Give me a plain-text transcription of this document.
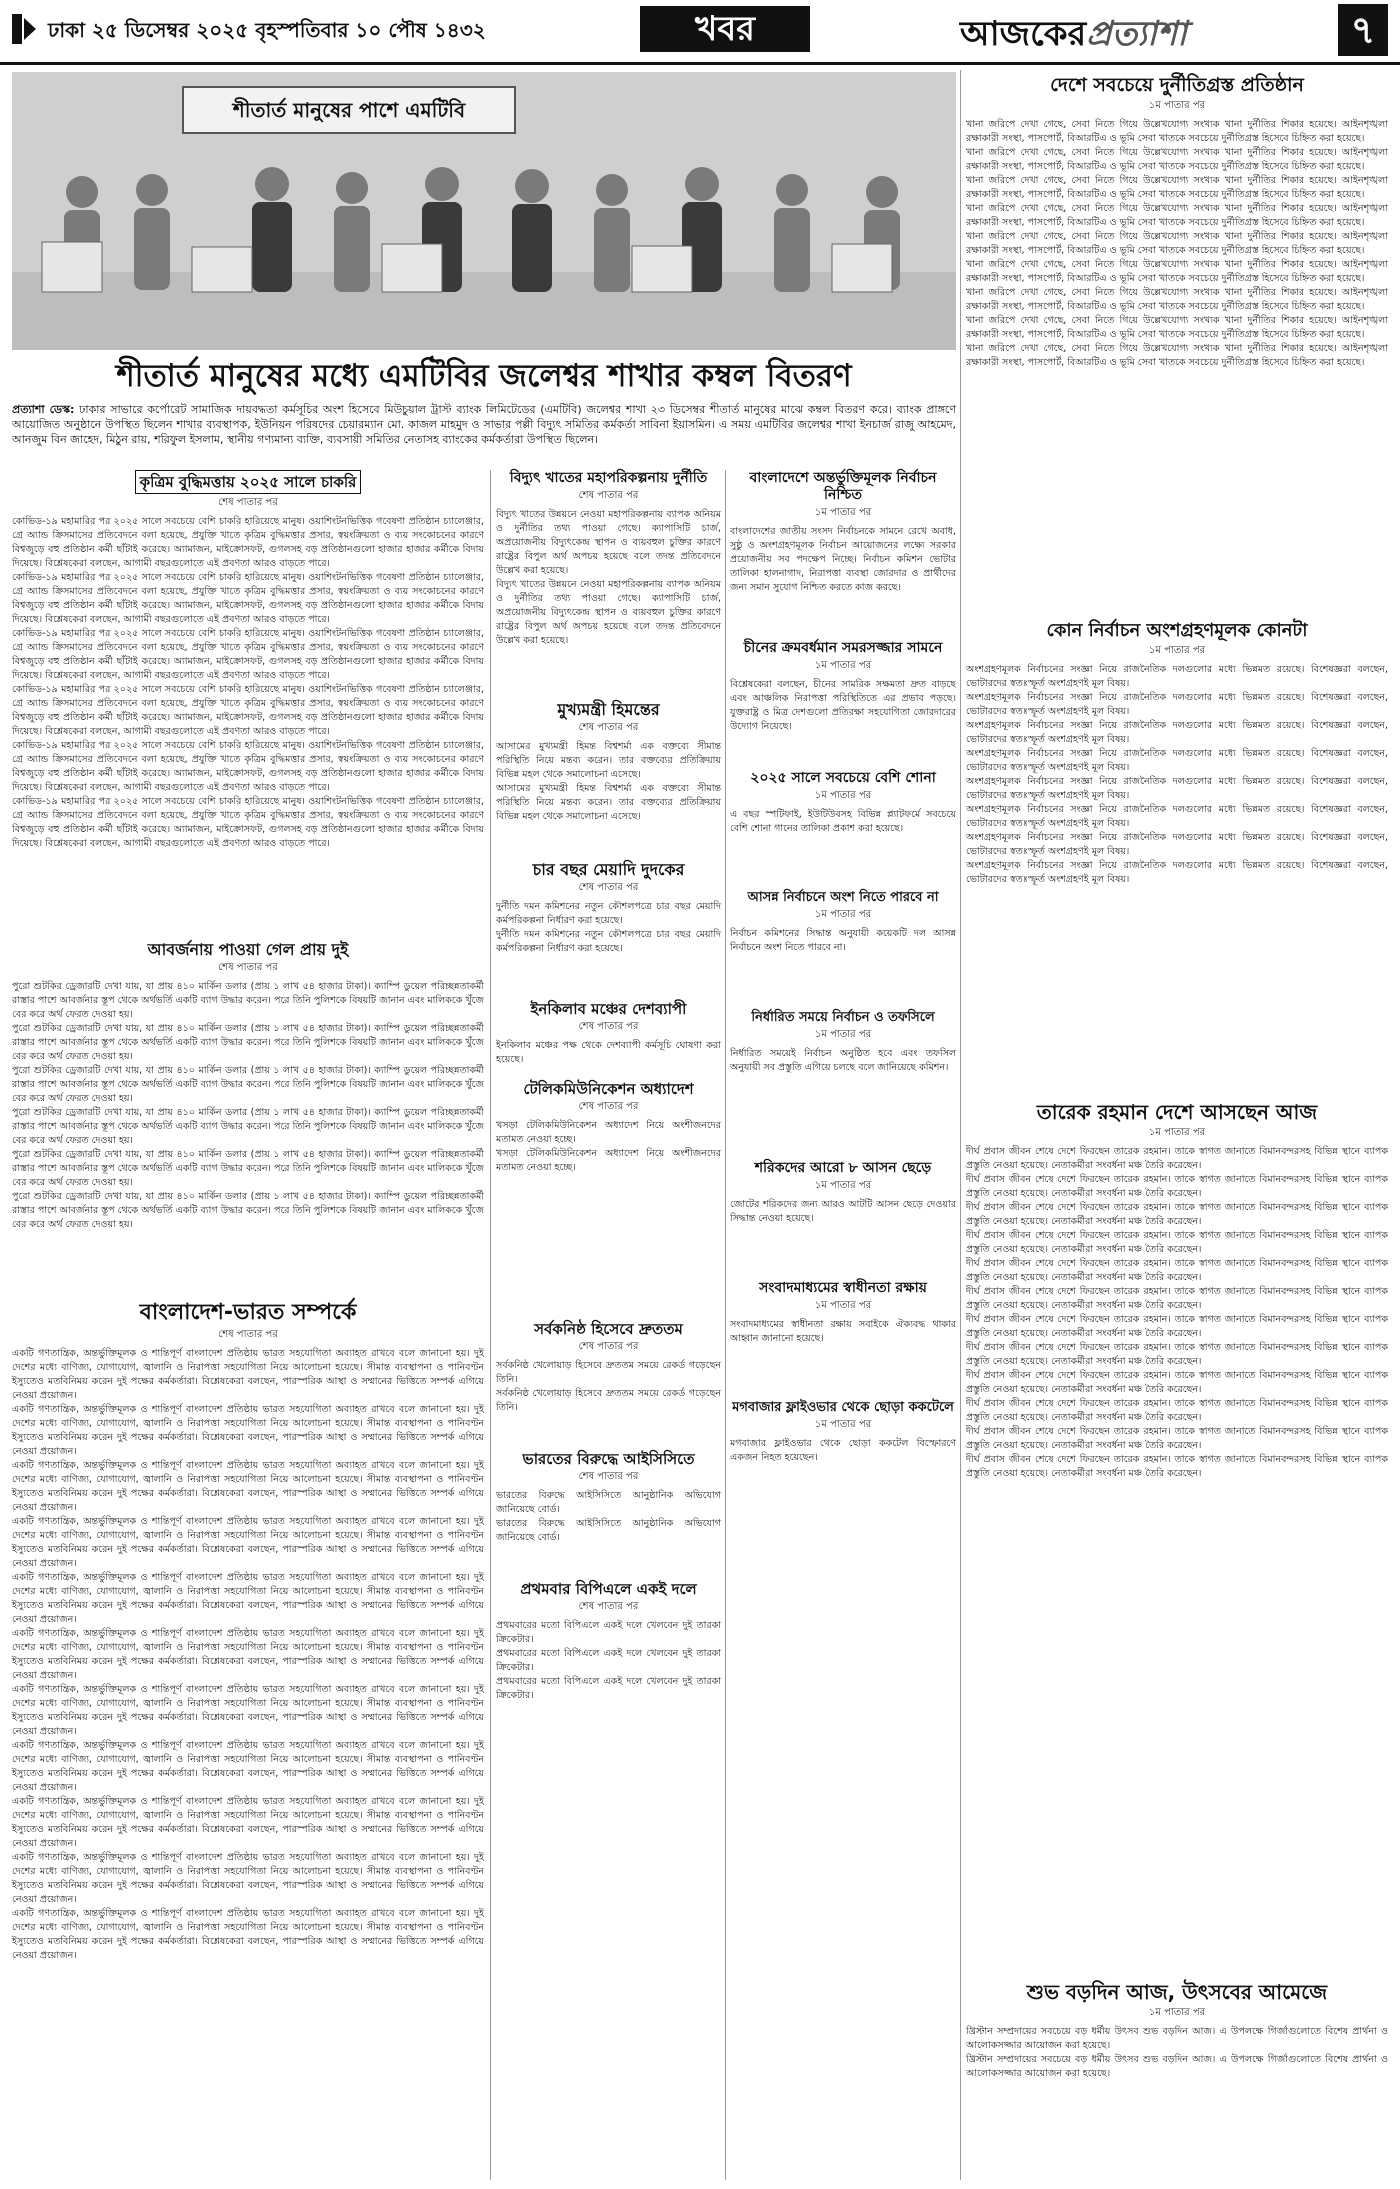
ঢাকা ২৫ ডিসেম্বর ২০২৫ বৃহস্পতিবার ১০ পৌষ ১৪৩২	খবর	আজকেরপ্রত্যাশা	৭
শীতার্ত মানুষের পাশে এমটিবি
শীতার্ত মানুষের মধ্যে এমটিবির জলেশ্বর শাখার কম্বল বিতরণ
প্রত্যাশা ডেস্ক: ঢাকার সাভারে কর্পোরেট সামাজিক দায়বদ্ধতা কর্মসূচির অংশ হিসেবে মিউচুয়াল ট্রাস্ট ব্যাংক লিমিটেডের (এমটিবি) জলেশ্বর শাখা ২৩ ডিসেম্বর শীতার্ত মানুষের মাঝে কম্বল বিতরণ করে। ব্যাংক প্রাঙ্গণে আয়োজিত অনুষ্ঠানে উপস্থিত ছিলেন শাখার ব্যবস্থাপক, ইউনিয়ন পরিষদের চেয়ারম্যান মো. কাজল মাহমুদ ও সাভার পল্লী বিদ্যুৎ সমিতির কর্মকর্তা সাবিনা ইয়াসমিন। এ সময় এমটিবির জলেশ্বর শাখা ইনচার্জ রাজু আহমেদ, আনজুম বিন জাহেদ, মিঠুন রায়, শরিফুল ইসলাম, স্থানীয় গণ্যমান্য ব্যক্তি, ব্যবসায়ী সমিতির নেতাসহ ব্যাংকের কর্মকর্তারা উপস্থিত ছিলেন।
কৃত্রিম বুদ্ধিমত্তায় ২০২৫ সালে চাকরি
শেষ পাতার পর

কোভিড-১৯ মহামারির পর ২০২৫ সালে সবচেয়ে বেশি চাকরি হারিয়েছে মানুষ। ওয়াশিংটনভিত্তিক গবেষণা প্রতিষ্ঠান চ্যালেঞ্জার, গ্রে অ্যান্ড ক্রিসমাসের প্রতিবেদনে বলা হয়েছে, প্রযুক্তি খাতে কৃত্রিম বুদ্ধিমত্তার প্রসার, স্বয়ংক্রিয়তা ও ব্যয় সংকোচনের কারণে বিশ্বজুড়ে বহু প্রতিষ্ঠান কর্মী ছাঁটাই করেছে। অ্যামাজন, মাইক্রোসফট, গুগলসহ বড় প্রতিষ্ঠানগুলো হাজার হাজার কর্মীকে বিদায় দিয়েছে। বিশ্লেষকেরা বলছেন, আগামী বছরগুলোতে এই প্রবণতা আরও বাড়তে পারে।

কোভিড-১৯ মহামারির পর ২০২৫ সালে সবচেয়ে বেশি চাকরি হারিয়েছে মানুষ। ওয়াশিংটনভিত্তিক গবেষণা প্রতিষ্ঠান চ্যালেঞ্জার, গ্রে অ্যান্ড ক্রিসমাসের প্রতিবেদনে বলা হয়েছে, প্রযুক্তি খাতে কৃত্রিম বুদ্ধিমত্তার প্রসার, স্বয়ংক্রিয়তা ও ব্যয় সংকোচনের কারণে বিশ্বজুড়ে বহু প্রতিষ্ঠান কর্মী ছাঁটাই করেছে। অ্যামাজন, মাইক্রোসফট, গুগলসহ বড় প্রতিষ্ঠানগুলো হাজার হাজার কর্মীকে বিদায় দিয়েছে। বিশ্লেষকেরা বলছেন, আগামী বছরগুলোতে এই প্রবণতা আরও বাড়তে পারে।

কোভিড-১৯ মহামারির পর ২০২৫ সালে সবচেয়ে বেশি চাকরি হারিয়েছে মানুষ। ওয়াশিংটনভিত্তিক গবেষণা প্রতিষ্ঠান চ্যালেঞ্জার, গ্রে অ্যান্ড ক্রিসমাসের প্রতিবেদনে বলা হয়েছে, প্রযুক্তি খাতে কৃত্রিম বুদ্ধিমত্তার প্রসার, স্বয়ংক্রিয়তা ও ব্যয় সংকোচনের কারণে বিশ্বজুড়ে বহু প্রতিষ্ঠান কর্মী ছাঁটাই করেছে। অ্যামাজন, মাইক্রোসফট, গুগলসহ বড় প্রতিষ্ঠানগুলো হাজার হাজার কর্মীকে বিদায় দিয়েছে। বিশ্লেষকেরা বলছেন, আগামী বছরগুলোতে এই প্রবণতা আরও বাড়তে পারে।

কোভিড-১৯ মহামারির পর ২০২৫ সালে সবচেয়ে বেশি চাকরি হারিয়েছে মানুষ। ওয়াশিংটনভিত্তিক গবেষণা প্রতিষ্ঠান চ্যালেঞ্জার, গ্রে অ্যান্ড ক্রিসমাসের প্রতিবেদনে বলা হয়েছে, প্রযুক্তি খাতে কৃত্রিম বুদ্ধিমত্তার প্রসার, স্বয়ংক্রিয়তা ও ব্যয় সংকোচনের কারণে বিশ্বজুড়ে বহু প্রতিষ্ঠান কর্মী ছাঁটাই করেছে। অ্যামাজন, মাইক্রোসফট, গুগলসহ বড় প্রতিষ্ঠানগুলো হাজার হাজার কর্মীকে বিদায় দিয়েছে। বিশ্লেষকেরা বলছেন, আগামী বছরগুলোতে এই প্রবণতা আরও বাড়তে পারে।

কোভিড-১৯ মহামারির পর ২০২৫ সালে সবচেয়ে বেশি চাকরি হারিয়েছে মানুষ। ওয়াশিংটনভিত্তিক গবেষণা প্রতিষ্ঠান চ্যালেঞ্জার, গ্রে অ্যান্ড ক্রিসমাসের প্রতিবেদনে বলা হয়েছে, প্রযুক্তি খাতে কৃত্রিম বুদ্ধিমত্তার প্রসার, স্বয়ংক্রিয়তা ও ব্যয় সংকোচনের কারণে বিশ্বজুড়ে বহু প্রতিষ্ঠান কর্মী ছাঁটাই করেছে। অ্যামাজন, মাইক্রোসফট, গুগলসহ বড় প্রতিষ্ঠানগুলো হাজার হাজার কর্মীকে বিদায় দিয়েছে। বিশ্লেষকেরা বলছেন, আগামী বছরগুলোতে এই প্রবণতা আরও বাড়তে পারে।

কোভিড-১৯ মহামারির পর ২০২৫ সালে সবচেয়ে বেশি চাকরি হারিয়েছে মানুষ। ওয়াশিংটনভিত্তিক গবেষণা প্রতিষ্ঠান চ্যালেঞ্জার, গ্রে অ্যান্ড ক্রিসমাসের প্রতিবেদনে বলা হয়েছে, প্রযুক্তি খাতে কৃত্রিম বুদ্ধিমত্তার প্রসার, স্বয়ংক্রিয়তা ও ব্যয় সংকোচনের কারণে বিশ্বজুড়ে বহু প্রতিষ্ঠান কর্মী ছাঁটাই করেছে। অ্যামাজন, মাইক্রোসফট, গুগলসহ বড় প্রতিষ্ঠানগুলো হাজার হাজার কর্মীকে বিদায় দিয়েছে। বিশ্লেষকেরা বলছেন, আগামী বছরগুলোতে এই প্রবণতা আরও বাড়তে পারে।

আবর্জনায় পাওয়া গেল প্রায় দুই
শেষ পাতার পর

পুরো শুটকির ড্রেজারটি দেখা যায়, যা প্রায় ৪১০ মার্কিন ডলার (প্রায় ১ লাখ ৫৪ হাজার টাকা)। ক্যাম্পি ডুয়েল পরিচ্ছন্নতাকর্মী রাস্তার পাশে আবর্জনার স্তূপ থেকে অর্থভর্তি একটি ব্যাগ উদ্ধার করেন। পরে তিনি পুলিশকে বিষয়টি জানান এবং মালিককে খুঁজে বের করে অর্থ ফেরত দেওয়া হয়।

পুরো শুটকির ড্রেজারটি দেখা যায়, যা প্রায় ৪১০ মার্কিন ডলার (প্রায় ১ লাখ ৫৪ হাজার টাকা)। ক্যাম্পি ডুয়েল পরিচ্ছন্নতাকর্মী রাস্তার পাশে আবর্জনার স্তূপ থেকে অর্থভর্তি একটি ব্যাগ উদ্ধার করেন। পরে তিনি পুলিশকে বিষয়টি জানান এবং মালিককে খুঁজে বের করে অর্থ ফেরত দেওয়া হয়।

পুরো শুটকির ড্রেজারটি দেখা যায়, যা প্রায় ৪১০ মার্কিন ডলার (প্রায় ১ লাখ ৫৪ হাজার টাকা)। ক্যাম্পি ডুয়েল পরিচ্ছন্নতাকর্মী রাস্তার পাশে আবর্জনার স্তূপ থেকে অর্থভর্তি একটি ব্যাগ উদ্ধার করেন। পরে তিনি পুলিশকে বিষয়টি জানান এবং মালিককে খুঁজে বের করে অর্থ ফেরত দেওয়া হয়।

পুরো শুটকির ড্রেজারটি দেখা যায়, যা প্রায় ৪১০ মার্কিন ডলার (প্রায় ১ লাখ ৫৪ হাজার টাকা)। ক্যাম্পি ডুয়েল পরিচ্ছন্নতাকর্মী রাস্তার পাশে আবর্জনার স্তূপ থেকে অর্থভর্তি একটি ব্যাগ উদ্ধার করেন। পরে তিনি পুলিশকে বিষয়টি জানান এবং মালিককে খুঁজে বের করে অর্থ ফেরত দেওয়া হয়।

পুরো শুটকির ড্রেজারটি দেখা যায়, যা প্রায় ৪১০ মার্কিন ডলার (প্রায় ১ লাখ ৫৪ হাজার টাকা)। ক্যাম্পি ডুয়েল পরিচ্ছন্নতাকর্মী রাস্তার পাশে আবর্জনার স্তূপ থেকে অর্থভর্তি একটি ব্যাগ উদ্ধার করেন। পরে তিনি পুলিশকে বিষয়টি জানান এবং মালিককে খুঁজে বের করে অর্থ ফেরত দেওয়া হয়।

পুরো শুটকির ড্রেজারটি দেখা যায়, যা প্রায় ৪১০ মার্কিন ডলার (প্রায় ১ লাখ ৫৪ হাজার টাকা)। ক্যাম্পি ডুয়েল পরিচ্ছন্নতাকর্মী রাস্তার পাশে আবর্জনার স্তূপ থেকে অর্থভর্তি একটি ব্যাগ উদ্ধার করেন। পরে তিনি পুলিশকে বিষয়টি জানান এবং মালিককে খুঁজে বের করে অর্থ ফেরত দেওয়া হয়।

বাংলাদেশ-ভারত সম্পর্কে
শেষ পাতার পর

একটি গণতান্ত্রিক, অন্তর্ভুক্তিমূলক ও শান্তিপূর্ণ বাংলাদেশ প্রতিষ্ঠায় ভারত সহযোগিতা অব্যাহত রাখবে বলে জানানো হয়। দুই দেশের মধ্যে বাণিজ্য, যোগাযোগ, জ্বালানি ও নিরাপত্তা সহযোগিতা নিয়ে আলোচনা হয়েছে। সীমান্ত ব্যবস্থাপনা ও পানিবণ্টন ইস্যুতেও মতবিনিময় করেন দুই পক্ষের কর্মকর্তারা। বিশ্লেষকেরা বলছেন, পারস্পরিক আস্থা ও সম্মানের ভিত্তিতে সম্পর্ক এগিয়ে নেওয়া প্রয়োজন।

একটি গণতান্ত্রিক, অন্তর্ভুক্তিমূলক ও শান্তিপূর্ণ বাংলাদেশ প্রতিষ্ঠায় ভারত সহযোগিতা অব্যাহত রাখবে বলে জানানো হয়। দুই দেশের মধ্যে বাণিজ্য, যোগাযোগ, জ্বালানি ও নিরাপত্তা সহযোগিতা নিয়ে আলোচনা হয়েছে। সীমান্ত ব্যবস্থাপনা ও পানিবণ্টন ইস্যুতেও মতবিনিময় করেন দুই পক্ষের কর্মকর্তারা। বিশ্লেষকেরা বলছেন, পারস্পরিক আস্থা ও সম্মানের ভিত্তিতে সম্পর্ক এগিয়ে নেওয়া প্রয়োজন।

একটি গণতান্ত্রিক, অন্তর্ভুক্তিমূলক ও শান্তিপূর্ণ বাংলাদেশ প্রতিষ্ঠায় ভারত সহযোগিতা অব্যাহত রাখবে বলে জানানো হয়। দুই দেশের মধ্যে বাণিজ্য, যোগাযোগ, জ্বালানি ও নিরাপত্তা সহযোগিতা নিয়ে আলোচনা হয়েছে। সীমান্ত ব্যবস্থাপনা ও পানিবণ্টন ইস্যুতেও মতবিনিময় করেন দুই পক্ষের কর্মকর্তারা। বিশ্লেষকেরা বলছেন, পারস্পরিক আস্থা ও সম্মানের ভিত্তিতে সম্পর্ক এগিয়ে নেওয়া প্রয়োজন।

একটি গণতান্ত্রিক, অন্তর্ভুক্তিমূলক ও শান্তিপূর্ণ বাংলাদেশ প্রতিষ্ঠায় ভারত সহযোগিতা অব্যাহত রাখবে বলে জানানো হয়। দুই দেশের মধ্যে বাণিজ্য, যোগাযোগ, জ্বালানি ও নিরাপত্তা সহযোগিতা নিয়ে আলোচনা হয়েছে। সীমান্ত ব্যবস্থাপনা ও পানিবণ্টন ইস্যুতেও মতবিনিময় করেন দুই পক্ষের কর্মকর্তারা। বিশ্লেষকেরা বলছেন, পারস্পরিক আস্থা ও সম্মানের ভিত্তিতে সম্পর্ক এগিয়ে নেওয়া প্রয়োজন।

একটি গণতান্ত্রিক, অন্তর্ভুক্তিমূলক ও শান্তিপূর্ণ বাংলাদেশ প্রতিষ্ঠায় ভারত সহযোগিতা অব্যাহত রাখবে বলে জানানো হয়। দুই দেশের মধ্যে বাণিজ্য, যোগাযোগ, জ্বালানি ও নিরাপত্তা সহযোগিতা নিয়ে আলোচনা হয়েছে। সীমান্ত ব্যবস্থাপনা ও পানিবণ্টন ইস্যুতেও মতবিনিময় করেন দুই পক্ষের কর্মকর্তারা। বিশ্লেষকেরা বলছেন, পারস্পরিক আস্থা ও সম্মানের ভিত্তিতে সম্পর্ক এগিয়ে নেওয়া প্রয়োজন।

একটি গণতান্ত্রিক, অন্তর্ভুক্তিমূলক ও শান্তিপূর্ণ বাংলাদেশ প্রতিষ্ঠায় ভারত সহযোগিতা অব্যাহত রাখবে বলে জানানো হয়। দুই দেশের মধ্যে বাণিজ্য, যোগাযোগ, জ্বালানি ও নিরাপত্তা সহযোগিতা নিয়ে আলোচনা হয়েছে। সীমান্ত ব্যবস্থাপনা ও পানিবণ্টন ইস্যুতেও মতবিনিময় করেন দুই পক্ষের কর্মকর্তারা। বিশ্লেষকেরা বলছেন, পারস্পরিক আস্থা ও সম্মানের ভিত্তিতে সম্পর্ক এগিয়ে নেওয়া প্রয়োজন।

একটি গণতান্ত্রিক, অন্তর্ভুক্তিমূলক ও শান্তিপূর্ণ বাংলাদেশ প্রতিষ্ঠায় ভারত সহযোগিতা অব্যাহত রাখবে বলে জানানো হয়। দুই দেশের মধ্যে বাণিজ্য, যোগাযোগ, জ্বালানি ও নিরাপত্তা সহযোগিতা নিয়ে আলোচনা হয়েছে। সীমান্ত ব্যবস্থাপনা ও পানিবণ্টন ইস্যুতেও মতবিনিময় করেন দুই পক্ষের কর্মকর্তারা। বিশ্লেষকেরা বলছেন, পারস্পরিক আস্থা ও সম্মানের ভিত্তিতে সম্পর্ক এগিয়ে নেওয়া প্রয়োজন।

একটি গণতান্ত্রিক, অন্তর্ভুক্তিমূলক ও শান্তিপূর্ণ বাংলাদেশ প্রতিষ্ঠায় ভারত সহযোগিতা অব্যাহত রাখবে বলে জানানো হয়। দুই দেশের মধ্যে বাণিজ্য, যোগাযোগ, জ্বালানি ও নিরাপত্তা সহযোগিতা নিয়ে আলোচনা হয়েছে। সীমান্ত ব্যবস্থাপনা ও পানিবণ্টন ইস্যুতেও মতবিনিময় করেন দুই পক্ষের কর্মকর্তারা। বিশ্লেষকেরা বলছেন, পারস্পরিক আস্থা ও সম্মানের ভিত্তিতে সম্পর্ক এগিয়ে নেওয়া প্রয়োজন।

একটি গণতান্ত্রিক, অন্তর্ভুক্তিমূলক ও শান্তিপূর্ণ বাংলাদেশ প্রতিষ্ঠায় ভারত সহযোগিতা অব্যাহত রাখবে বলে জানানো হয়। দুই দেশের মধ্যে বাণিজ্য, যোগাযোগ, জ্বালানি ও নিরাপত্তা সহযোগিতা নিয়ে আলোচনা হয়েছে। সীমান্ত ব্যবস্থাপনা ও পানিবণ্টন ইস্যুতেও মতবিনিময় করেন দুই পক্ষের কর্মকর্তারা। বিশ্লেষকেরা বলছেন, পারস্পরিক আস্থা ও সম্মানের ভিত্তিতে সম্পর্ক এগিয়ে নেওয়া প্রয়োজন।

একটি গণতান্ত্রিক, অন্তর্ভুক্তিমূলক ও শান্তিপূর্ণ বাংলাদেশ প্রতিষ্ঠায় ভারত সহযোগিতা অব্যাহত রাখবে বলে জানানো হয়। দুই দেশের মধ্যে বাণিজ্য, যোগাযোগ, জ্বালানি ও নিরাপত্তা সহযোগিতা নিয়ে আলোচনা হয়েছে। সীমান্ত ব্যবস্থাপনা ও পানিবণ্টন ইস্যুতেও মতবিনিময় করেন দুই পক্ষের কর্মকর্তারা। বিশ্লেষকেরা বলছেন, পারস্পরিক আস্থা ও সম্মানের ভিত্তিতে সম্পর্ক এগিয়ে নেওয়া প্রয়োজন।

একটি গণতান্ত্রিক, অন্তর্ভুক্তিমূলক ও শান্তিপূর্ণ বাংলাদেশ প্রতিষ্ঠায় ভারত সহযোগিতা অব্যাহত রাখবে বলে জানানো হয়। দুই দেশের মধ্যে বাণিজ্য, যোগাযোগ, জ্বালানি ও নিরাপত্তা সহযোগিতা নিয়ে আলোচনা হয়েছে। সীমান্ত ব্যবস্থাপনা ও পানিবণ্টন ইস্যুতেও মতবিনিময় করেন দুই পক্ষের কর্মকর্তারা। বিশ্লেষকেরা বলছেন, পারস্পরিক আস্থা ও সম্মানের ভিত্তিতে সম্পর্ক এগিয়ে নেওয়া প্রয়োজন।

বিদ্যুৎ খাতের মহাপরিকল্পনায় দুর্নীতি
শেষ পাতার পর

বিদ্যুৎ খাতের উন্নয়নে নেওয়া মহাপরিকল্পনায় ব্যাপক অনিয়ম ও দুর্নীতির তথ্য পাওয়া গেছে। ক্যাপাসিটি চার্জ, অপ্রয়োজনীয় বিদ্যুৎকেন্দ্র স্থাপন ও ব্যয়বহুল চুক্তির কারণে রাষ্ট্রের বিপুল অর্থ অপচয় হয়েছে বলে তদন্ত প্রতিবেদনে উল্লেখ করা হয়েছে।

বিদ্যুৎ খাতের উন্নয়নে নেওয়া মহাপরিকল্পনায় ব্যাপক অনিয়ম ও দুর্নীতির তথ্য পাওয়া গেছে। ক্যাপাসিটি চার্জ, অপ্রয়োজনীয় বিদ্যুৎকেন্দ্র স্থাপন ও ব্যয়বহুল চুক্তির কারণে রাষ্ট্রের বিপুল অর্থ অপচয় হয়েছে বলে তদন্ত প্রতিবেদনে উল্লেখ করা হয়েছে।

মুখ্যমন্ত্রী হিমন্তের
শেষ পাতার পর

আসামের মুখ্যমন্ত্রী হিমন্ত বিশ্বশর্মা এক বক্তব্যে সীমান্ত পরিস্থিতি নিয়ে মন্তব্য করেন। তার বক্তব্যের প্রতিক্রিয়ায় বিভিন্ন মহল থেকে সমালোচনা এসেছে।

আসামের মুখ্যমন্ত্রী হিমন্ত বিশ্বশর্মা এক বক্তব্যে সীমান্ত পরিস্থিতি নিয়ে মন্তব্য করেন। তার বক্তব্যের প্রতিক্রিয়ায় বিভিন্ন মহল থেকে সমালোচনা এসেছে।

চার বছর মেয়াদি দুদকের
শেষ পাতার পর

দুর্নীতি দমন কমিশনের নতুন কৌশলপত্রে চার বছর মেয়াদি কর্মপরিকল্পনা নির্ধারণ করা হয়েছে।

দুর্নীতি দমন কমিশনের নতুন কৌশলপত্রে চার বছর মেয়াদি কর্মপরিকল্পনা নির্ধারণ করা হয়েছে।

ইনকিলাব মঞ্চের দেশব্যাপী
শেষ পাতার পর

ইনকিলাব মঞ্চের পক্ষ থেকে দেশব্যাপী কর্মসূচি ঘোষণা করা হয়েছে।

টেলিকমিউনিকেশন অধ্যাদেশ
শেষ পাতার পর

খসড়া টেলিকমিউনিকেশন অধ্যাদেশ নিয়ে অংশীজনদের মতামত নেওয়া হচ্ছে।

খসড়া টেলিকমিউনিকেশন অধ্যাদেশ নিয়ে অংশীজনদের মতামত নেওয়া হচ্ছে।

সর্বকনিষ্ঠ হিসেবে দ্রুততম
শেষ পাতার পর

সর্বকনিষ্ঠ খেলোয়াড় হিসেবে দ্রুততম সময়ে রেকর্ড গড়েছেন তিনি।

সর্বকনিষ্ঠ খেলোয়াড় হিসেবে দ্রুততম সময়ে রেকর্ড গড়েছেন তিনি।

ভারতের বিরুদ্ধে আইসিসিতে
শেষ পাতার পর

ভারতের বিরুদ্ধে আইসিসিতে আনুষ্ঠানিক অভিযোগ জানিয়েছে বোর্ড।

ভারতের বিরুদ্ধে আইসিসিতে আনুষ্ঠানিক অভিযোগ জানিয়েছে বোর্ড।

প্রথমবার বিপিএলে একই দলে
শেষ পাতার পর

প্রথমবারের মতো বিপিএলে একই দলে খেলবেন দুই তারকা ক্রিকেটার।

প্রথমবারের মতো বিপিএলে একই দলে খেলবেন দুই তারকা ক্রিকেটার।

প্রথমবারের মতো বিপিএলে একই দলে খেলবেন দুই তারকা ক্রিকেটার।

বাংলাদেশে অন্তর্ভুক্তিমূলক নির্বাচন নিশ্চিত
১ম পাতার পর

বাংলাদেশের জাতীয় সংসদ নির্বাচনকে সামনে রেখে অবাধ, সুষ্ঠু ও অংশগ্রহণমূলক নির্বাচন আয়োজনের লক্ষ্যে সরকার প্রয়োজনীয় সব পদক্ষেপ নিচ্ছে। নির্বাচন কমিশন ভোটার তালিকা হালনাগাদ, নিরাপত্তা ব্যবস্থা জোরদার ও প্রার্থীদের জন্য সমান সুযোগ নিশ্চিত করতে কাজ করছে।

চীনের ক্রমবর্ধমান সমরসজ্জার সামনে
১ম পাতার পর

বিশ্লেষকেরা বলছেন, চীনের সামরিক সক্ষমতা দ্রুত বাড়ছে এবং আঞ্চলিক নিরাপত্তা পরিস্থিতিতে এর প্রভাব পড়ছে। যুক্তরাষ্ট্র ও মিত্র দেশগুলো প্রতিরক্ষা সহযোগিতা জোরদারের উদ্যোগ নিয়েছে।

২০২৫ সালে সবচেয়ে বেশি শোনা
১ম পাতার পর

এ বছর স্পটিফাই, ইউটিউবসহ বিভিন্ন প্ল্যাটফর্মে সবচেয়ে বেশি শোনা গানের তালিকা প্রকাশ করা হয়েছে।

আসন্ন নির্বাচনে অংশ নিতে পারবে না
১ম পাতার পর

নির্বাচন কমিশনের সিদ্ধান্ত অনুযায়ী কয়েকটি দল আসন্ন নির্বাচনে অংশ নিতে পারবে না।

নির্ধারিত সময়ে নির্বাচন ও তফসিলে
১ম পাতার পর

নির্ধারিত সময়েই নির্বাচন অনুষ্ঠিত হবে এবং তফসিল অনুযায়ী সব প্রস্তুতি এগিয়ে চলছে বলে জানিয়েছে কমিশন।

শরিকদের আরো ৮ আসন ছেড়ে
১ম পাতার পর

জোটের শরিকদের জন্য আরও আটটি আসন ছেড়ে দেওয়ার সিদ্ধান্ত নেওয়া হয়েছে।

সংবাদমাধ্যমের স্বাধীনতা রক্ষায়
১ম পাতার পর

সংবাদমাধ্যমের স্বাধীনতা রক্ষায় সবাইকে ঐক্যবদ্ধ থাকার আহ্বান জানানো হয়েছে।

মগবাজার ফ্লাইওভার থেকে ছোড়া ককটেলে
১ম পাতার পর

মগবাজার ফ্লাইওভার থেকে ছোড়া ককটেল বিস্ফোরণে একজন নিহত হয়েছেন।

দেশে সবচেয়ে দুর্নীতিগ্রস্ত প্রতিষ্ঠান
১ম পাতার পর

খানা জরিপে দেখা গেছে, সেবা নিতে গিয়ে উল্লেখযোগ্য সংখ্যক খানা দুর্নীতির শিকার হয়েছে। আইনশৃঙ্খলা রক্ষাকারী সংস্থা, পাসপোর্ট, বিআরটিএ ও ভূমি সেবা খাতকে সবচেয়ে দুর্নীতিগ্রস্ত হিসেবে চিহ্নিত করা হয়েছে।

খানা জরিপে দেখা গেছে, সেবা নিতে গিয়ে উল্লেখযোগ্য সংখ্যক খানা দুর্নীতির শিকার হয়েছে। আইনশৃঙ্খলা রক্ষাকারী সংস্থা, পাসপোর্ট, বিআরটিএ ও ভূমি সেবা খাতকে সবচেয়ে দুর্নীতিগ্রস্ত হিসেবে চিহ্নিত করা হয়েছে।

খানা জরিপে দেখা গেছে, সেবা নিতে গিয়ে উল্লেখযোগ্য সংখ্যক খানা দুর্নীতির শিকার হয়েছে। আইনশৃঙ্খলা রক্ষাকারী সংস্থা, পাসপোর্ট, বিআরটিএ ও ভূমি সেবা খাতকে সবচেয়ে দুর্নীতিগ্রস্ত হিসেবে চিহ্নিত করা হয়েছে।

খানা জরিপে দেখা গেছে, সেবা নিতে গিয়ে উল্লেখযোগ্য সংখ্যক খানা দুর্নীতির শিকার হয়েছে। আইনশৃঙ্খলা রক্ষাকারী সংস্থা, পাসপোর্ট, বিআরটিএ ও ভূমি সেবা খাতকে সবচেয়ে দুর্নীতিগ্রস্ত হিসেবে চিহ্নিত করা হয়েছে।

খানা জরিপে দেখা গেছে, সেবা নিতে গিয়ে উল্লেখযোগ্য সংখ্যক খানা দুর্নীতির শিকার হয়েছে। আইনশৃঙ্খলা রক্ষাকারী সংস্থা, পাসপোর্ট, বিআরটিএ ও ভূমি সেবা খাতকে সবচেয়ে দুর্নীতিগ্রস্ত হিসেবে চিহ্নিত করা হয়েছে।

খানা জরিপে দেখা গেছে, সেবা নিতে গিয়ে উল্লেখযোগ্য সংখ্যক খানা দুর্নীতির শিকার হয়েছে। আইনশৃঙ্খলা রক্ষাকারী সংস্থা, পাসপোর্ট, বিআরটিএ ও ভূমি সেবা খাতকে সবচেয়ে দুর্নীতিগ্রস্ত হিসেবে চিহ্নিত করা হয়েছে।

খানা জরিপে দেখা গেছে, সেবা নিতে গিয়ে উল্লেখযোগ্য সংখ্যক খানা দুর্নীতির শিকার হয়েছে। আইনশৃঙ্খলা রক্ষাকারী সংস্থা, পাসপোর্ট, বিআরটিএ ও ভূমি সেবা খাতকে সবচেয়ে দুর্নীতিগ্রস্ত হিসেবে চিহ্নিত করা হয়েছে।

খানা জরিপে দেখা গেছে, সেবা নিতে গিয়ে উল্লেখযোগ্য সংখ্যক খানা দুর্নীতির শিকার হয়েছে। আইনশৃঙ্খলা রক্ষাকারী সংস্থা, পাসপোর্ট, বিআরটিএ ও ভূমি সেবা খাতকে সবচেয়ে দুর্নীতিগ্রস্ত হিসেবে চিহ্নিত করা হয়েছে।

খানা জরিপে দেখা গেছে, সেবা নিতে গিয়ে উল্লেখযোগ্য সংখ্যক খানা দুর্নীতির শিকার হয়েছে। আইনশৃঙ্খলা রক্ষাকারী সংস্থা, পাসপোর্ট, বিআরটিএ ও ভূমি সেবা খাতকে সবচেয়ে দুর্নীতিগ্রস্ত হিসেবে চিহ্নিত করা হয়েছে।

কোন নির্বাচন অংশগ্রহণমূলক কোনটা
১ম পাতার পর

অংশগ্রহণমূলক নির্বাচনের সংজ্ঞা নিয়ে রাজনৈতিক দলগুলোর মধ্যে ভিন্নমত রয়েছে। বিশেষজ্ঞরা বলছেন, ভোটারদের স্বতঃস্ফূর্ত অংশগ্রহণই মূল বিষয়।

অংশগ্রহণমূলক নির্বাচনের সংজ্ঞা নিয়ে রাজনৈতিক দলগুলোর মধ্যে ভিন্নমত রয়েছে। বিশেষজ্ঞরা বলছেন, ভোটারদের স্বতঃস্ফূর্ত অংশগ্রহণই মূল বিষয়।

অংশগ্রহণমূলক নির্বাচনের সংজ্ঞা নিয়ে রাজনৈতিক দলগুলোর মধ্যে ভিন্নমত রয়েছে। বিশেষজ্ঞরা বলছেন, ভোটারদের স্বতঃস্ফূর্ত অংশগ্রহণই মূল বিষয়।

অংশগ্রহণমূলক নির্বাচনের সংজ্ঞা নিয়ে রাজনৈতিক দলগুলোর মধ্যে ভিন্নমত রয়েছে। বিশেষজ্ঞরা বলছেন, ভোটারদের স্বতঃস্ফূর্ত অংশগ্রহণই মূল বিষয়।

অংশগ্রহণমূলক নির্বাচনের সংজ্ঞা নিয়ে রাজনৈতিক দলগুলোর মধ্যে ভিন্নমত রয়েছে। বিশেষজ্ঞরা বলছেন, ভোটারদের স্বতঃস্ফূর্ত অংশগ্রহণই মূল বিষয়।

অংশগ্রহণমূলক নির্বাচনের সংজ্ঞা নিয়ে রাজনৈতিক দলগুলোর মধ্যে ভিন্নমত রয়েছে। বিশেষজ্ঞরা বলছেন, ভোটারদের স্বতঃস্ফূর্ত অংশগ্রহণই মূল বিষয়।

অংশগ্রহণমূলক নির্বাচনের সংজ্ঞা নিয়ে রাজনৈতিক দলগুলোর মধ্যে ভিন্নমত রয়েছে। বিশেষজ্ঞরা বলছেন, ভোটারদের স্বতঃস্ফূর্ত অংশগ্রহণই মূল বিষয়।

অংশগ্রহণমূলক নির্বাচনের সংজ্ঞা নিয়ে রাজনৈতিক দলগুলোর মধ্যে ভিন্নমত রয়েছে। বিশেষজ্ঞরা বলছেন, ভোটারদের স্বতঃস্ফূর্ত অংশগ্রহণই মূল বিষয়।

তারেক রহমান দেশে আসছেন আজ
১ম পাতার পর

দীর্ঘ প্রবাস জীবন শেষে দেশে ফিরছেন তারেক রহমান। তাকে স্বাগত জানাতে বিমানবন্দরসহ বিভিন্ন স্থানে ব্যাপক প্রস্তুতি নেওয়া হয়েছে। নেতাকর্মীরা সংবর্ধনা মঞ্চ তৈরি করেছেন।

দীর্ঘ প্রবাস জীবন শেষে দেশে ফিরছেন তারেক রহমান। তাকে স্বাগত জানাতে বিমানবন্দরসহ বিভিন্ন স্থানে ব্যাপক প্রস্তুতি নেওয়া হয়েছে। নেতাকর্মীরা সংবর্ধনা মঞ্চ তৈরি করেছেন।

দীর্ঘ প্রবাস জীবন শেষে দেশে ফিরছেন তারেক রহমান। তাকে স্বাগত জানাতে বিমানবন্দরসহ বিভিন্ন স্থানে ব্যাপক প্রস্তুতি নেওয়া হয়েছে। নেতাকর্মীরা সংবর্ধনা মঞ্চ তৈরি করেছেন।

দীর্ঘ প্রবাস জীবন শেষে দেশে ফিরছেন তারেক রহমান। তাকে স্বাগত জানাতে বিমানবন্দরসহ বিভিন্ন স্থানে ব্যাপক প্রস্তুতি নেওয়া হয়েছে। নেতাকর্মীরা সংবর্ধনা মঞ্চ তৈরি করেছেন।

দীর্ঘ প্রবাস জীবন শেষে দেশে ফিরছেন তারেক রহমান। তাকে স্বাগত জানাতে বিমানবন্দরসহ বিভিন্ন স্থানে ব্যাপক প্রস্তুতি নেওয়া হয়েছে। নেতাকর্মীরা সংবর্ধনা মঞ্চ তৈরি করেছেন।

দীর্ঘ প্রবাস জীবন শেষে দেশে ফিরছেন তারেক রহমান। তাকে স্বাগত জানাতে বিমানবন্দরসহ বিভিন্ন স্থানে ব্যাপক প্রস্তুতি নেওয়া হয়েছে। নেতাকর্মীরা সংবর্ধনা মঞ্চ তৈরি করেছেন।

দীর্ঘ প্রবাস জীবন শেষে দেশে ফিরছেন তারেক রহমান। তাকে স্বাগত জানাতে বিমানবন্দরসহ বিভিন্ন স্থানে ব্যাপক প্রস্তুতি নেওয়া হয়েছে। নেতাকর্মীরা সংবর্ধনা মঞ্চ তৈরি করেছেন।

দীর্ঘ প্রবাস জীবন শেষে দেশে ফিরছেন তারেক রহমান। তাকে স্বাগত জানাতে বিমানবন্দরসহ বিভিন্ন স্থানে ব্যাপক প্রস্তুতি নেওয়া হয়েছে। নেতাকর্মীরা সংবর্ধনা মঞ্চ তৈরি করেছেন।

দীর্ঘ প্রবাস জীবন শেষে দেশে ফিরছেন তারেক রহমান। তাকে স্বাগত জানাতে বিমানবন্দরসহ বিভিন্ন স্থানে ব্যাপক প্রস্তুতি নেওয়া হয়েছে। নেতাকর্মীরা সংবর্ধনা মঞ্চ তৈরি করেছেন।

দীর্ঘ প্রবাস জীবন শেষে দেশে ফিরছেন তারেক রহমান। তাকে স্বাগত জানাতে বিমানবন্দরসহ বিভিন্ন স্থানে ব্যাপক প্রস্তুতি নেওয়া হয়েছে। নেতাকর্মীরা সংবর্ধনা মঞ্চ তৈরি করেছেন।

দীর্ঘ প্রবাস জীবন শেষে দেশে ফিরছেন তারেক রহমান। তাকে স্বাগত জানাতে বিমানবন্দরসহ বিভিন্ন স্থানে ব্যাপক প্রস্তুতি নেওয়া হয়েছে। নেতাকর্মীরা সংবর্ধনা মঞ্চ তৈরি করেছেন।

দীর্ঘ প্রবাস জীবন শেষে দেশে ফিরছেন তারেক রহমান। তাকে স্বাগত জানাতে বিমানবন্দরসহ বিভিন্ন স্থানে ব্যাপক প্রস্তুতি নেওয়া হয়েছে। নেতাকর্মীরা সংবর্ধনা মঞ্চ তৈরি করেছেন।

শুভ বড়দিন আজ, উৎসবের আমেজে
১ম পাতার পর

খ্রিস্টান সম্প্রদায়ের সবচেয়ে বড় ধর্মীয় উৎসব শুভ বড়দিন আজ। এ উপলক্ষে গির্জাগুলোতে বিশেষ প্রার্থনা ও আলোকসজ্জার আয়োজন করা হয়েছে।

খ্রিস্টান সম্প্রদায়ের সবচেয়ে বড় ধর্মীয় উৎসব শুভ বড়দিন আজ। এ উপলক্ষে গির্জাগুলোতে বিশেষ প্রার্থনা ও আলোকসজ্জার আয়োজন করা হয়েছে।
